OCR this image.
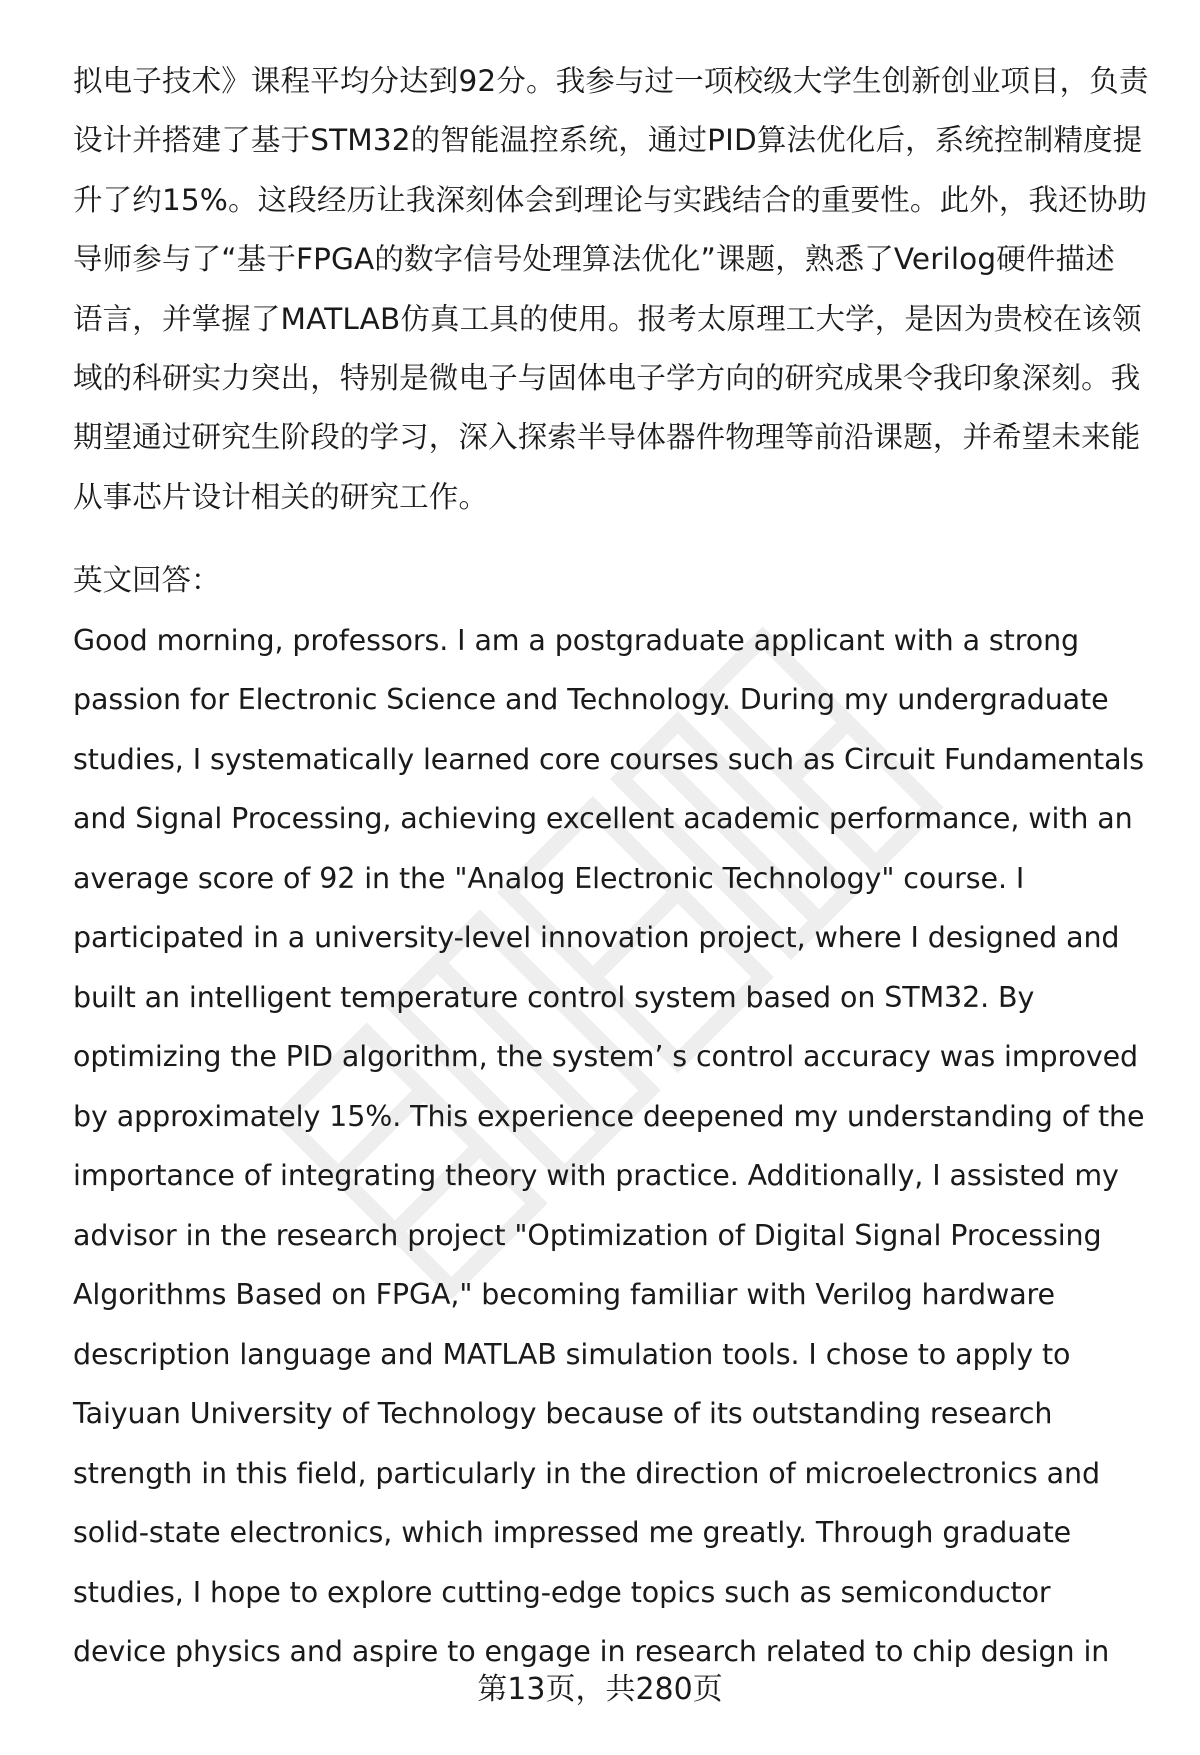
拟电子技术》课程平均分达到92分。我参与过一项校级大学生创新创业项目，负责
设计并搭建了基于STM32的智能温控系统，通过PID算法优化后，系统控制精度提
升了约15%。这段经历让我深刻体会到理论与实践结合的重要性。此外，我还协助
导师参与了“基于FPGA的数字信号处理算法优化”课题，熟悉了Verilog硬件描述
语言，并掌握了MATLAB仿真工具的使用。报考太原理工大学，是因为贵校在该领
域的科研实力突出，特别是微电子与固体电子学方向的研究成果令我印象深刻。我
期望通过研究生阶段的学习，深入探索半导体器件物理等前沿课题，并希望未来能
从事芯片设计相关的研究工作。

英文回答：

Good morning, professors. I am a postgraduate applicant with a strong
passion for Electronic Science and Technology. During my undergraduate
studies, I systematically learned core courses such as Circuit Fundamentals
and Signal Processing, achieving excellent academic performance, with an
average score of 92 in the "Analog Electronic Technology" course. I
participated in a university-level innovation project, where I designed and
built an intelligent temperature control system based on STM32. By
optimizing the PID algorithm, the system’ s control accuracy was improved
by approximately 15%. This experience deepened my understanding of the
importance of integrating theory with practice. Additionally, I assisted my
advisor in the research project "Optimization of Digital Signal Processing
Algorithms Based on FPGA," becoming familiar with Verilog hardware
description language and MATLAB simulation tools. I chose to apply to
Taiyuan University of Technology because of its outstanding research
strength in this field, particularly in the direction of microelectronics and
solid-state electronics, which impressed me greatly. Through graduate
studies, I hope to explore cutting-edge topics such as semiconductor
device physics and aspire to engage in research related to chip design in

第13页，共280页
